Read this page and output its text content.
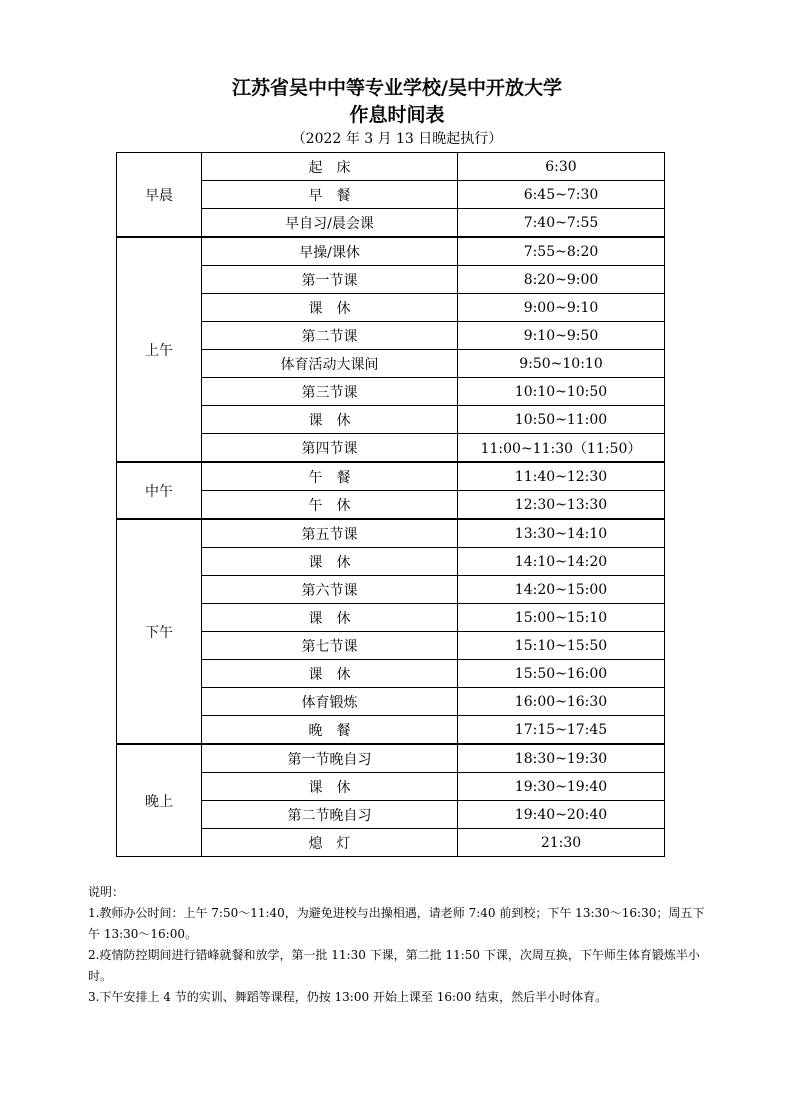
江苏省吴中中等专业学校/吴中开放大学
作息时间表
（2022 年 3 月 13 日晚起执行）
早晨	起　床	6:30
	早　餐	6:45~7:30
	早自习/晨会课	7:40~7:55
上午	早操/课休	7:55~8:20
	第一节课	8:20~9:00
	课　休	9:00~9:10
	第二节课	9:10~9:50
	体育活动大课间	9:50~10:10
	第三节课	10:10~10:50
	课　休	10:50~11:00
	第四节课	11:00~11:30（11:50）
中午	午　餐	11:40~12:30
	午　休	12:30~13:30
下午	第五节课	13:30~14:10
	课　休	14:10~14:20
	第六节课	14:20~15:00
	课　休	15:00~15:10
	第七节课	15:10~15:50
	课　休	15:50~16:00
	体育锻炼	16:00~16:30
	晚　餐	17:15~17:45
晚上	第一节晚自习	18:30~19:30
	课　休	19:30~19:40
	第二节晚自习	19:40~20:40
	熄　灯	21:30

说明：

1.教师办公时间：上午 7:50～11:40，为避免进校与出操相遇，请老师 7:40 前到校；下午 13:30～16:30；周五下午 13:30～16:00。

2.疫情防控期间进行错峰就餐和放学，第一批 11:30 下课，第二批 11:50 下课，次周互换，下午师生体育锻炼半小时。

3.下午安排上 4 节的实训、舞蹈等课程，仍按 13:00 开始上课至 16:00 结束，然后半小时体育。
